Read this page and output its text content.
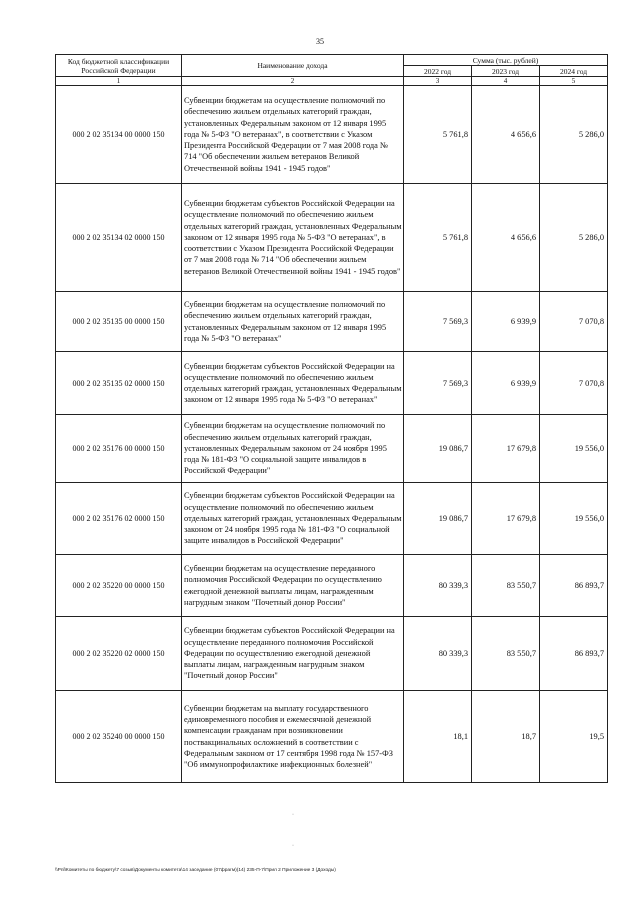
35
Код бюджетной классификации Российской Федерации	Наименование дохода	Сумма (тыс. рублей)		
		2022 год	2023 год	2024 год
1	2	3	4	5
000 2 02 35134 00 0000 150	Субвенции бюджетам на осуществление полномочий по обеспечению жильем отдельных категорий граждан, установленных Федеральным законом от 12 января 1995 года № 5-ФЗ "О ветеранах", в соответствии с Указом Президента Российской Федерации от 7 мая 2008 года № 714 "Об обеспечении жильем ветеранов Великой Отечественной войны 1941 - 1945 годов"	5 761,8	4 656,6	5 286,0
000 2 02 35134 02 0000 150	Субвенции бюджетам субъектов Российской Федерации на осуществление полномочий по обеспечению жильем отдельных категорий граждан, установленных Федеральным законом от 12 января 1995 года № 5-ФЗ "О ветеранах", в соответствии с Указом Президента Российской Федерации от 7 мая 2008 года № 714 "Об обеспечении жильем ветеранов Великой Отечественной войны 1941 - 1945 годов"	5 761,8	4 656,6	5 286,0
000 2 02 35135 00 0000 150	Субвенции бюджетам на осуществление полномочий по обеспечению жильем отдельных категорий граждан, установленных Федеральным законом от 12 января 1995 года № 5-ФЗ "О ветеранах"	7 569,3	6 939,9	7 070,8
000 2 02 35135 02 0000 150	Субвенции бюджетам субъектов Российской Федерации на осуществление полномочий по обеспечению жильем отдельных категорий граждан, установленных Федеральным законом от 12 января 1995 года № 5-ФЗ "О ветеранах"	7 569,3	6 939,9	7 070,8
000 2 02 35176 00 0000 150	Субвенции бюджетам на осуществление полномочий по обеспечению жильем отдельных категорий граждан, установленных Федеральным законом от 24 ноября 1995 года № 181-ФЗ "О социальной защите инвалидов в Российской Федерации"	19 086,7	17 679,8	19 556,0
000 2 02 35176 02 0000 150	Субвенции бюджетам субъектов Российской Федерации на осуществление полномочий по обеспечению жильем отдельных категорий граждан, установленных Федеральным законом от 24 ноября 1995 года № 181-ФЗ "О социальной защите инвалидов в Российской Федерации"	19 086,7	17 679,8	19 556,0
000 2 02 35220 00 0000 150	Субвенции бюджетам на осуществление переданного полномочия Российской Федерации по осуществлению ежегодной денежной выплаты лицам, награжденным нагрудным знаком "Почетный донор России"	80 339,3	83 550,7	86 893,7
000 2 02 35220 02 0000 150	Субвенции бюджетам субъектов Российской Федерации на осуществление переданного полномочия Российской Федерации по осуществлению ежегодной денежной выплаты лицам, награжденным нагрудным знаком "Почетный донор России"	80 339,3	83 550,7	86 893,7
000 2 02 35240 00 0000 150	Субвенции бюджетам на выплату государственного единовременного пособия и ежемесячной денежной компенсации гражданам при возникновении поствакцинальных осложнений в соответствии с Федеральным законом от 17 сентября 1998 года № 157-ФЗ "Об иммунопрофилактике инфекционных болезней"	18,1	18,7	19,5
·
·
\\Pnl\Комитеты по бюджету\7 созыв\Документы комитета\14 заседание (07фрагм)(14) 235-П-7\Прил 2 Приложение 3 (Доходы)
